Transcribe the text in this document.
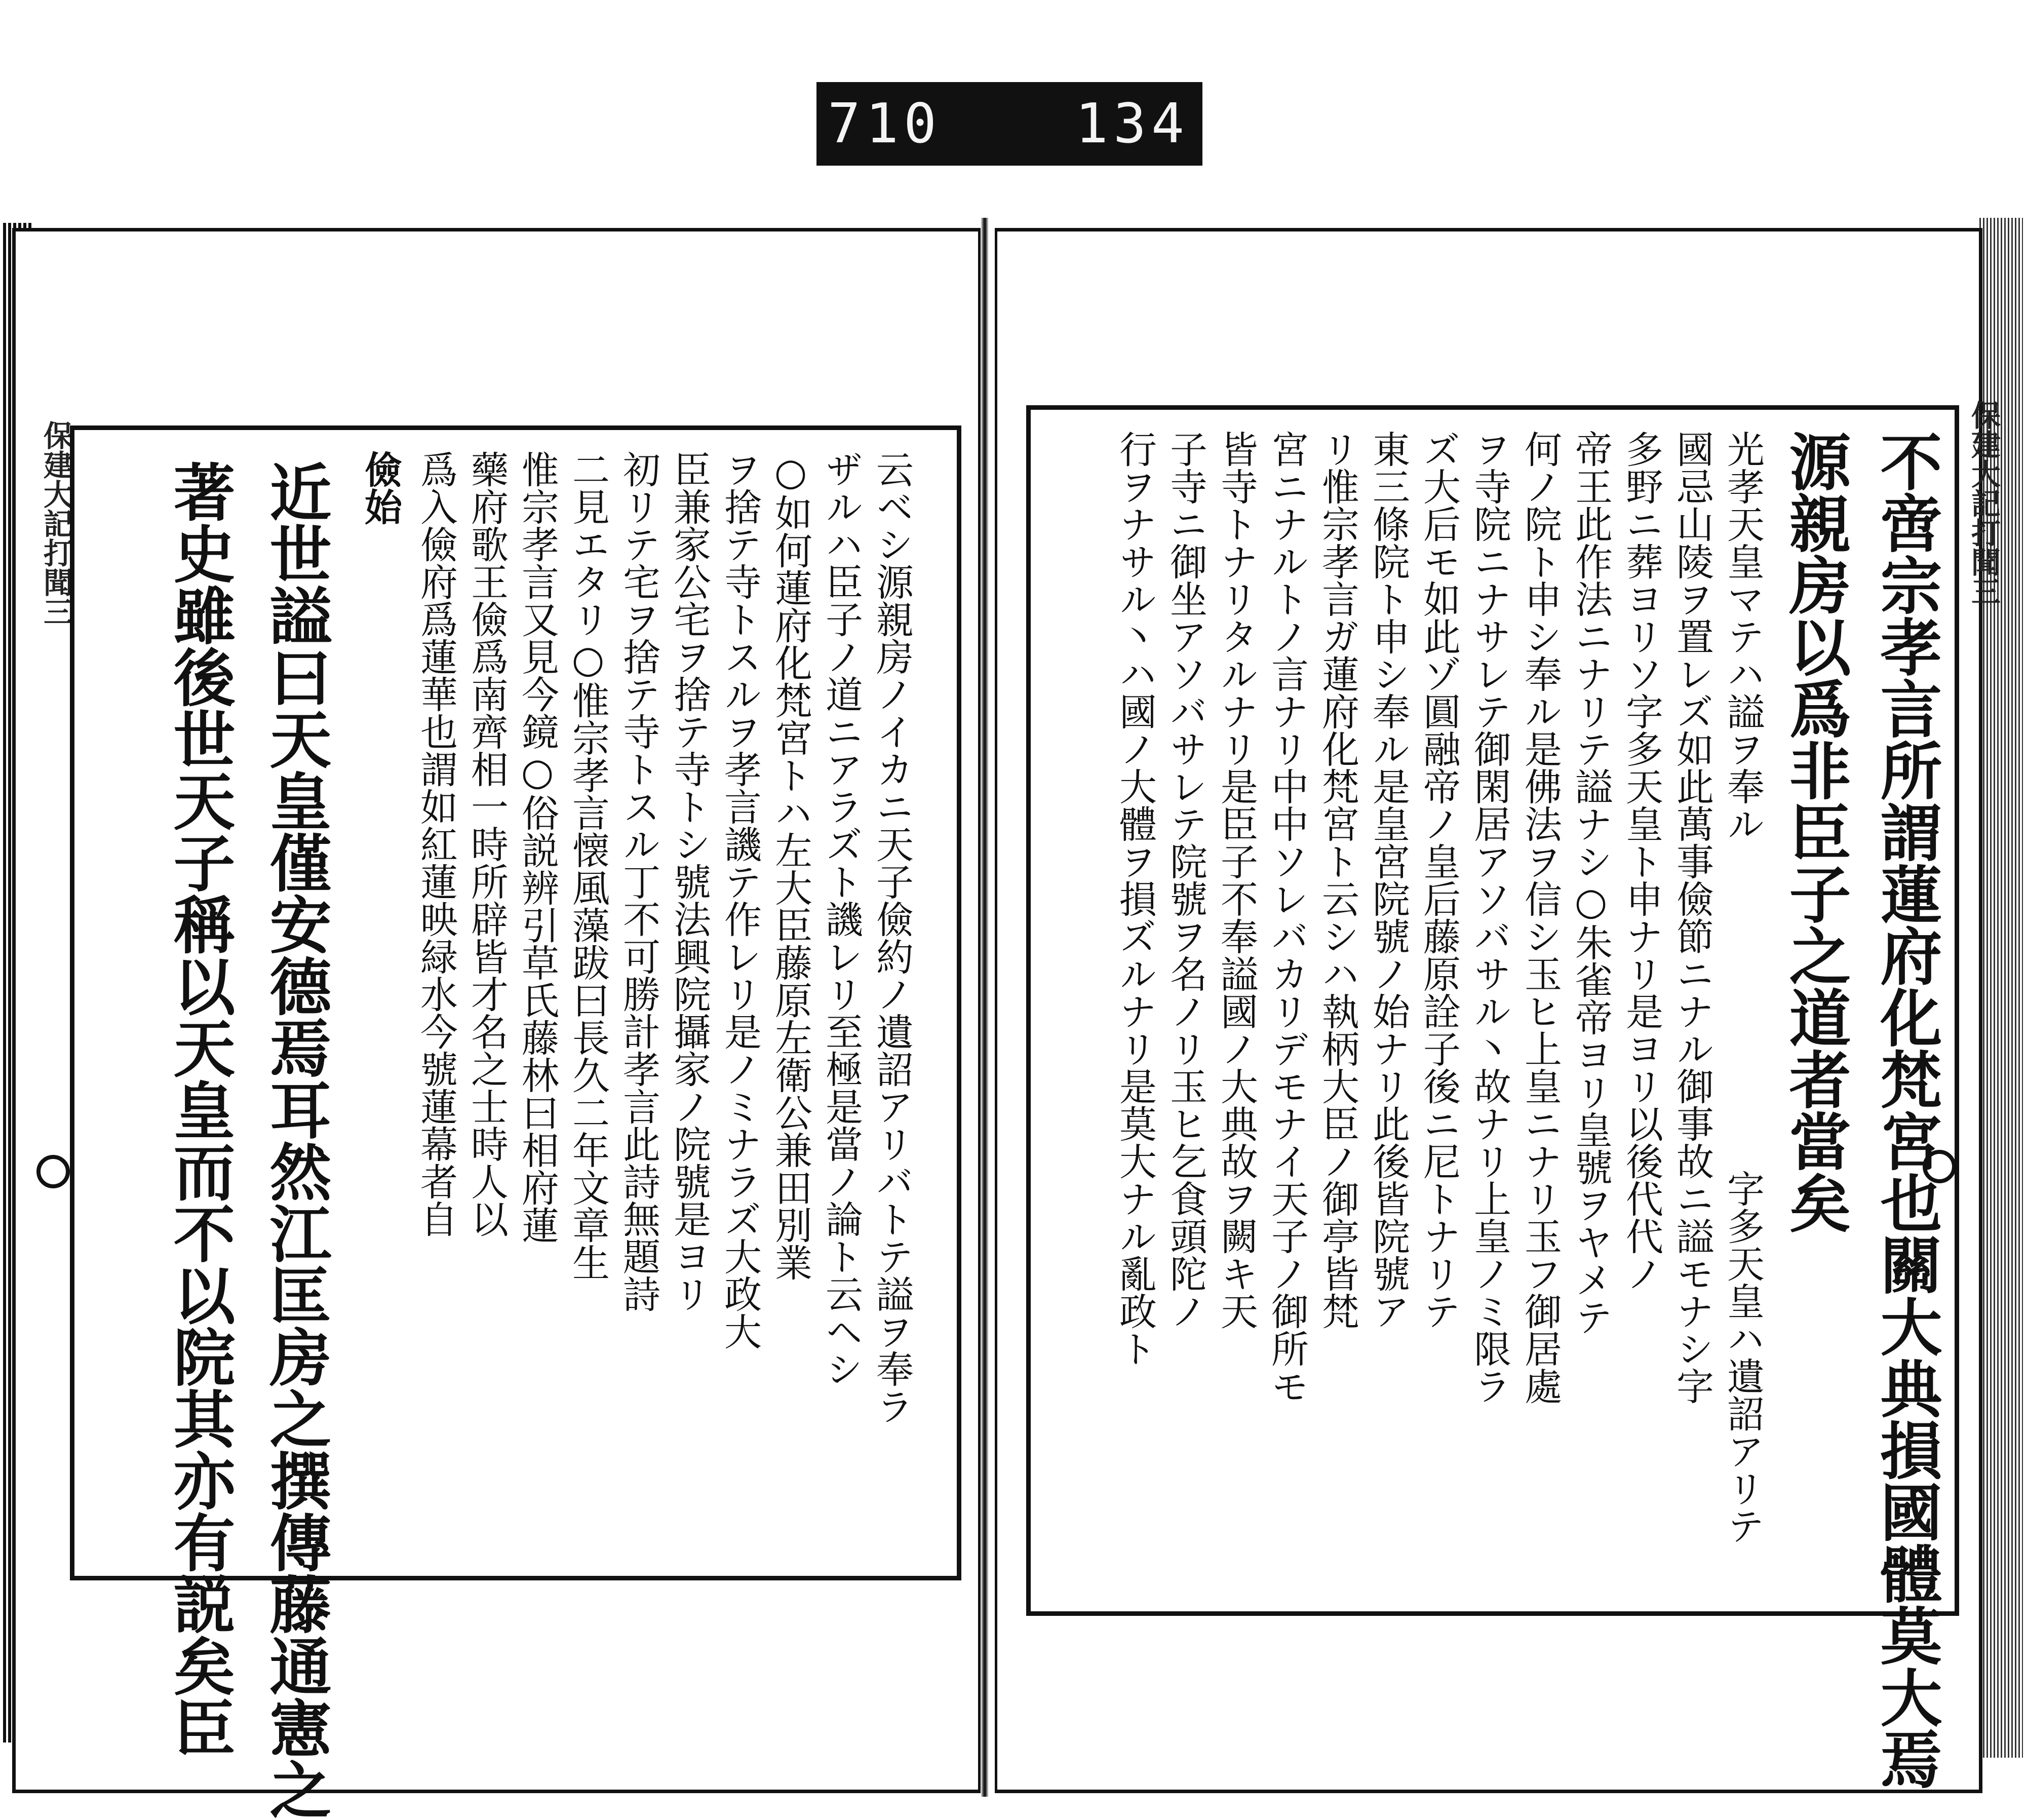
710

134

保建大記打聞三	保建大記打聞三
不啻宗孝言所謂蓮府化梵宮也關大典損國體莫大焉
源親房以爲非臣子之道者當矣
光孝天皇マテハ謚ヲ奉ル
字多天皇ハ遺詔アリテ
國忌山陵ヲ置レズ如此萬事儉節ニナル御事故ニ謚モナシ字
多野ニ葬ヨリソ字多天皇ト申ナリ是ヨリ以後代代ノ
帝王此作法ニナリテ謚ナシ○朱雀帝ヨリ皇號ヲヤメテ
何ノ院ト申シ奉ル是佛法ヲ信シ玉ヒ上皇ニナリ玉フ御居處
ヲ寺院ニナサレテ御閑居アソバサル丶故ナリ上皇ノミ限ラ
ズ大后モ如此ゾ圓融帝ノ皇后藤原詮子後ニ尼トナリテ
東三條院ト申シ奉ル是皇宮院號ノ始ナリ此後皆院號ア
リ惟宗孝言ガ蓮府化梵宮ト云シハ執柄大臣ノ御亭皆梵
宮ニナルトノ言ナリ中中ソレバカリデモナイ天子ノ御所モ
皆寺トナリタルナリ是臣子不奉謚國ノ大典故ヲ闕キ天
子寺ニ御坐アソバサレテ院號ヲ名ノリ玉ヒ乞食頭陀ノ
行ヲナサル丶ハ國ノ大體ヲ損ズルナリ是莫大ナル亂政ト
云ベシ源親房ノイカニ天子儉約ノ遺詔アリバトテ謚ヲ奉ラ
ザルハ臣子ノ道ニアラズト譏レリ至極是當ノ論ト云ヘシ
○如何蓮府化梵宮トハ左大臣藤原左衛公兼田別業
ヲ捨テ寺トスルヲ孝言譏テ作レリ是ノミナラズ大政大
臣兼家公宅ヲ捨テ寺トシ號法興院攝家ノ院號是ヨリ
初リテ宅ヲ捨テ寺トスル丁不可勝計孝言此詩無題詩
二見エタリ○惟宗孝言懐風藻跋曰長久二年文章生
惟宗孝言又見今鏡○俗説辨引草氏藤林曰相府蓮
藥府歌王儉爲南齊相一時所辟皆才名之士時人以
爲入儉府爲蓮華也謂如紅蓮映緑水今號蓮幕者自
儉始
近世謚曰天皇僅安德焉耳然江匡房之撰傳藤通憲之
著史雖後世天子稱以天皇而不以院其亦有説矣臣
